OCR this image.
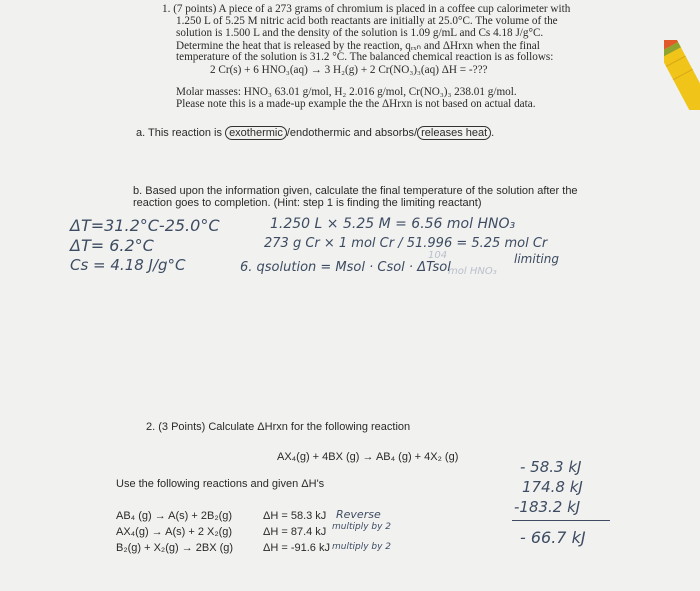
1. (7 points) A piece of a 273 grams of chromium is placed in a coffee cup calorimeter with
1.250 L of 5.25 M nitric acid both reactants are initially at 25.0°C. The volume of the
solution is 1.500 L and the density of the solution is 1.09 g/mL and Cs 4.18 J/g°C.
Determine the heat that is released by the reaction, qᵣₓₙ and ΔHrxn when the final
temperature of the solution is 31.2 °C. The balanced chemical reaction is as follows:
2 Cr(s) + 6 HNO₃(aq) → 3 H₂(g) + 2 Cr(NO₃)₃(aq) ΔH = -???
Molar masses: HNO₃ 63.01 g/mol, H₂ 2.016 g/mol, Cr(NO₃)₃ 238.01 g/mol.
Please note this is a made-up example the the ΔHrxn is not based on actual data.
a. This reaction is exothermic /endothermic and absorbs/ releases heat .
b. Based upon the information given, calculate the final temperature of the solution after the
reaction goes to completion. (Hint: step 1 is finding the limiting reactant)
ΔT=31.2°C-25.0°C
ΔT= 6.2°C
Cs = 4.18 J/g°C
1.250 L × 5.25 M = 6.56 mol HNO₃
273 g Cr × 1 mol Cr / 51.996 = 5.25 mol Cr
limiting
6. qsolution = Msol · Csol · ΔTsol
104
mol HNO₃
2. (3 Points) Calculate ΔHrxn for the following reaction
AX₄(g) + 4BX (g) → AB₄ (g) + 4X₂ (g)
Use the following reactions and given ΔH's
AB₄ (g) → A(s) + 2B₂(g)	ΔH = 58.3 kJ Reverse
AX₄(g) → A(s) + 2 X₂(g)	ΔH = 87.4 kJ multiply by 2
B₂(g) + X₂(g) → 2BX (g)	ΔH = -91.6 kJ multiply by 2
- 58.3 kJ
174.8 kJ
-183.2 kJ
- 66.7 kJ
